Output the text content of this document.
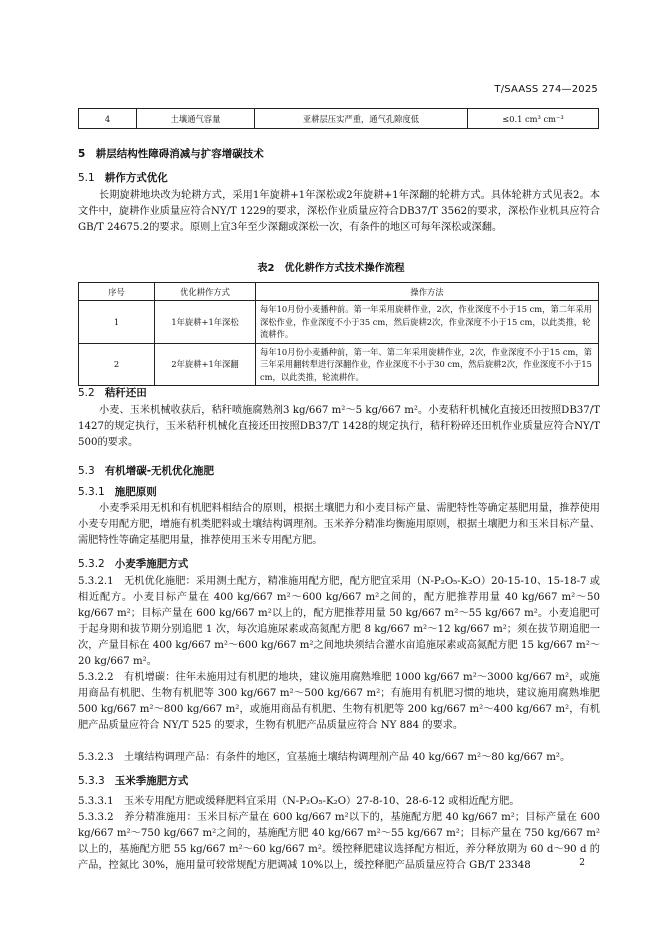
T/SAASS 274—2025
4	土壤通气容量	亚耕层压实严重，通气孔隙度低	≤0.1 cm³ cm⁻³
5　耕层结构性障碍消减与扩容增碳技术
5.1 耕作方式优化

长期旋耕地块改为轮耕方式，采用1年旋耕+1年深松或2年旋耕+1年深翻的轮耕方式。具体轮耕方式见表2。本文件中，旋耕作业质量应符合NY/T 1229的要求，深松作业质量应符合DB37/T 3562的要求，深松作业机具应符合GB/T 24675.2的要求。原则上宜3年至少深翻或深松一次，有条件的地区可每年深松或深翻。

表2　优化耕作方式技术操作流程
序号	优化耕作方式	操作方法
1	1年旋耕+1年深松	每年10月份小麦播种前。第一年采用旋耕作业，2次，作业深度不小于15 cm，第二年采用深松作业，作业深度不小于35 cm，然后旋耕2次，作业深度不小于15 cm，以此类推，轮流耕作。
2	2年旋耕+1年深翻	每年10月份小麦播种前，第一年、第二年采用旋耕作业，2次，作业深度不小于15 cm，第三年采用翻转犁进行深翻作业，作业深度不小于30 cm，然后旋耕2次，作业深度不小于15 cm，以此类推，轮流耕作。
5.2 秸秆还田

小麦、玉米机械收获后，秸秆喷施腐熟剂3 kg/667 m²～5 kg/667 m²。小麦秸秆机械化直接还田按照DB37/T 1427的规定执行，玉米秸秆机械化直接还田按照DB37/T 1428的规定执行，秸秆粉碎还田机作业质量应符合NY/T 500的要求。

5.3 有机增碳-无机优化施肥
5.3.1 施肥原则

小麦季采用无机和有机肥料相结合的原则，根据土壤肥力和小麦目标产量、需肥特性等确定基肥用量，推荐使用小麦专用配方肥，增施有机类肥料或土壤结构调理剂。玉米养分精准均衡施用原则，根据土壤肥力和玉米目标产量、需肥特性等确定基肥用量，推荐使用玉米专用配方肥。

5.3.2 小麦季施肥方式

5.3.2.1　无机优化施肥：采用测土配方，精准施用配方肥，配方肥宜采用（N-P₂O₅-K₂O）20-15-10、15-18-7 或相近配方。小麦目标产量在 400 kg/667 m²～600 kg/667 m²之间的，配方肥推荐用量 40 kg/667 m²～50 kg/667 m²；目标产量在 600 kg/667 m²以上的，配方肥推荐用量 50 kg/667 m²～55 kg/667 m²。小麦追肥可于起身期和拔节期分别追肥 1 次，每次追施尿素或高氮配方肥 8 kg/667 m²～12 kg/667 m²；须在拔节期追肥一次，产量目标在 400 kg/667 m²～600 kg/667 m²之间地块须结合灌水亩追施尿素或高氮配方肥 15 kg/667 m²～20 kg/667 m²。

5.3.2.2　有机增碳：往年未施用过有机肥的地块，建议施用腐熟堆肥 1000 kg/667 m²～3000 kg/667 m²，或施用商品有机肥、生物有机肥等 300 kg/667 m²～500 kg/667 m²；有施用有机肥习惯的地块，建议施用腐熟堆肥 500 kg/667 m²～800 kg/667 m²，或施用商品有机肥、生物有机肥等 200 kg/667 m²～400 kg/667 m²，有机肥产品质量应符合 NY/T 525 的要求，生物有机肥产品质量应符合 NY 884 的要求。

5.3.2.3　土壤结构调理产品：有条件的地区，宜基施土壤结构调理剂产品 40 kg/667 m²～80 kg/667 m²。

5.3.3 玉米季施肥方式

5.3.3.1　玉米专用配方肥或缓释肥料宜采用（N-P₂O₅-K₂O）27-8-10、28-6-12 或相近配方肥。

5.3.3.2　养分精准施用：玉米目标产量在 600 kg/667 m²以下的，基施配方肥 40 kg/667 m²；目标产量在 600 kg/667 m²～750 kg/667 m²之间的，基施配方肥 40 kg/667 m²～55 kg/667 m²；目标产量在 750 kg/667 m²以上的，基施配方肥 55 kg/667 m²～60 kg/667 m²。缓控释肥建议选择配方相近，养分释放期为 60 d～90 d 的产品，控氮比 30%，施用量可较常规配方肥调减 10%以上，缓控释肥产品质量应符合 GB/T 23348	2
